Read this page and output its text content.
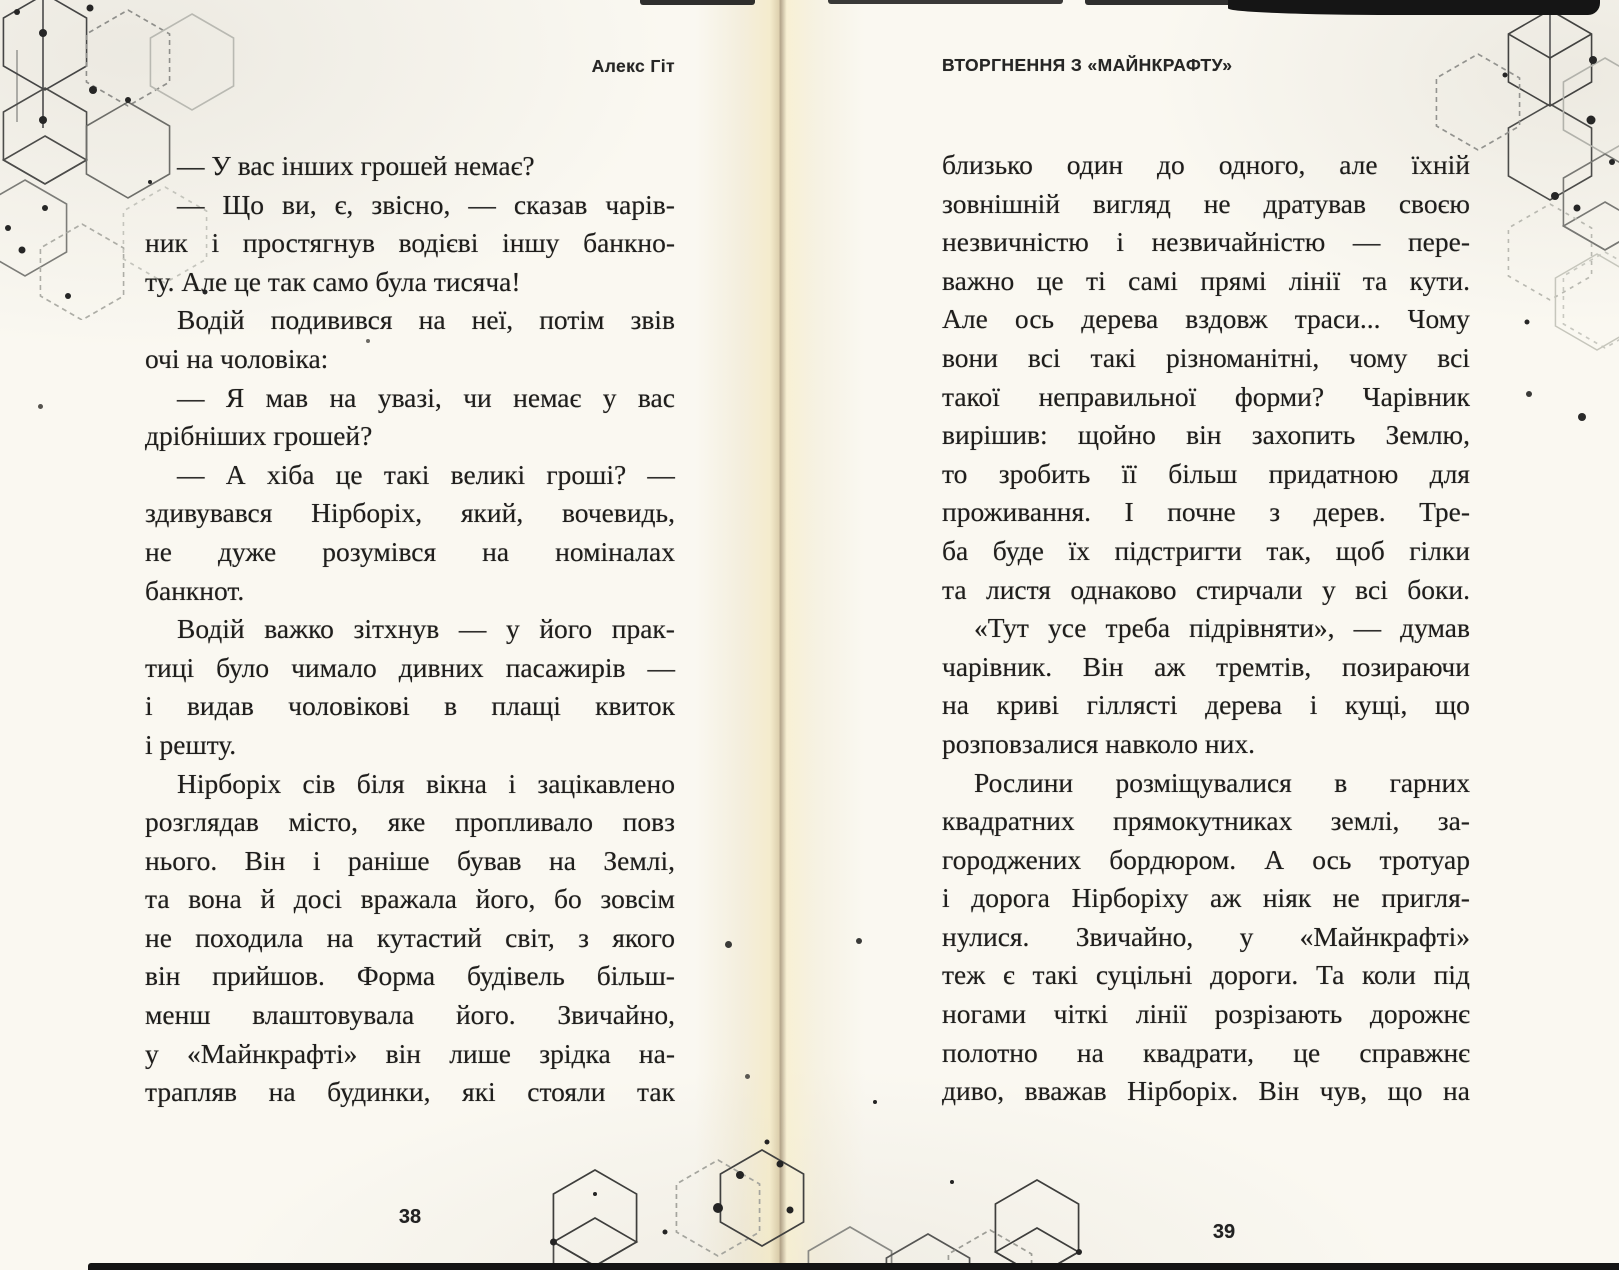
Алекс Гіт
— У вас інших грошей немає?
— Що ви, є, звісно, — сказав чарів-
ник і простягнув водієві іншу банкно-
ту. Але це так само була тисяча!
Водій подивився на неї, потім звів
очі на чоловіка:
— Я мав на увазі, чи немає у вас
дрібніших грошей?
— А хіба це такі великі гроші? —
здивувався Нірборіх, який, вочевидь,
не дуже розумівся на номіналах
банкнот.
Водій важко зітхнув — у його прак-
тиці було чимало дивних пасажирів —
і видав чоловікові в плащі квиток
і решту.
Нірборіх сів біля вікна і зацікавлено
розглядав місто, яке пропливало повз
нього. Він і раніше бував на Землі,
та вона й досі вражала його, бо зовсім
не походила на кутастий світ, з якого
він прийшов. Форма будівель більш-
менш влаштовувала його. Звичайно,
у «Майнкрафті» він лише зрідка на-
трапляв на будинки, які стояли так
38
ВТОРГНЕННЯ З «МАЙНКРАФТУ»
близько один до одного, але їхній
зовнішній вигляд не дратував своєю
незвичністю і незвичайністю — пере-
важно це ті самі прямі лінії та кути.
Але ось дерева вздовж траси... Чому
вони всі такі різноманітні, чому всі
такої неправильної форми? Чарівник
вирішив: щойно він захопить Землю,
то зробить її більш придатною для
проживання. І почне з дерев. Тре-
ба буде їх підстригти так, щоб гілки
та листя однаково стирчали у всі боки.
«Тут усе треба підрівняти», — думав
чарівник. Він аж тремтів, позираючи
на криві гіллясті дерева і кущі, що
розповзалися навколо них.
Рослини розміщувалися в гарних
квадратних прямокутниках землі, за-
городжених бордюром. А ось тротуар
і дорога Нірборіху аж ніяк не пригля-
нулися. Звичайно, у «Майнкрафті»
теж є такі суцільні дороги. Та коли під
ногами чіткі лінії розрізають дорожнє
полотно на квадрати, це справжнє
диво, вважав Нірборіх. Він чув, що на
39
